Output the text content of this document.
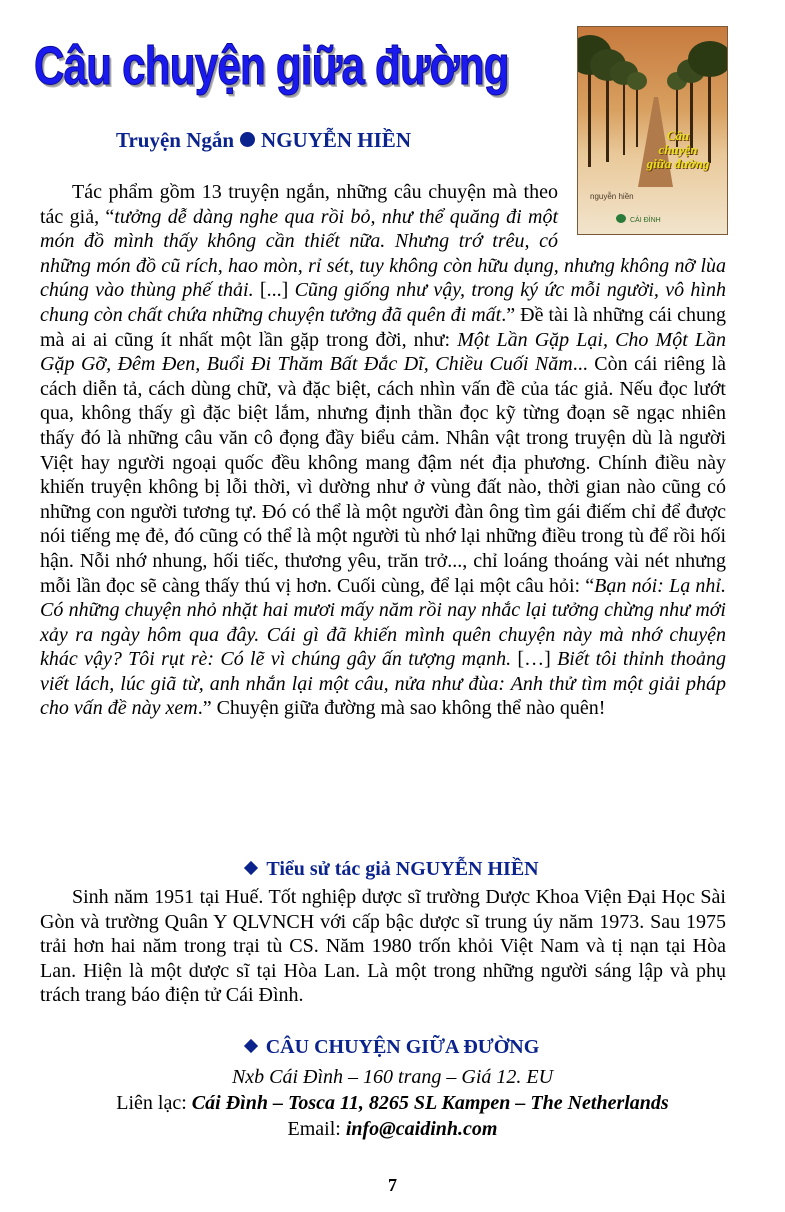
Câu chuyện giữa đường
Truyện Ngắn NGUYỄN HIỀN	Câu
chuyện
giữa đường
nguyễn hiền
CÁI ĐÌNH

Tác phẩm gồm 13 truyện ngắn, những câu chuyện mà theo tác giả, “tưởng dễ dàng nghe qua rồi bỏ, như thể quăng đi một món đồ mình thấy không cần thiết nữa. Nhưng trớ trêu, có những món đồ cũ rích, hao mòn, rỉ sét, tuy không còn hữu dụng, nhưng không nỡ lùa chúng vào thùng phế thải. [...] Cũng giống như vậy, trong ký ức mỗi người, vô hình chung còn chất chứa những chuyện tưởng đã quên đi mất.” Đề tài là những cái chung mà ai ai cũng ít nhất một lần gặp trong đời, như: Một Lần Gặp Lại, Cho Một Lần Gặp Gỡ, Đêm Đen, Buổi Đi Thăm Bất Đắc Dĩ, Chiều Cuối Năm... Còn cái riêng là cách diễn tả, cách dùng chữ, và đặc biệt, cách nhìn vấn đề của tác giả. Nếu đọc lướt qua, không thấy gì đặc biệt lắm, nhưng định thần đọc kỹ từng đoạn sẽ ngạc nhiên thấy đó là những câu văn cô đọng đầy biểu cảm. Nhân vật trong truyện dù là người Việt hay người ngoại quốc đều không mang đậm nét địa phương. Chính điều này khiến truyện không bị lỗi thời, vì dường như ở vùng đất nào, thời gian nào cũng có những con người tương tự. Đó có thể là một người đàn ông tìm gái điếm chỉ để được nói tiếng mẹ đẻ, đó cũng có thể là một người tù nhớ lại những điều trong tù để rồi hối hận. Nỗi nhớ nhung, hối tiếc, thương yêu, trăn trở..., chỉ loáng thoáng vài nét nhưng mỗi lần đọc sẽ càng thấy thú vị hơn. Cuối cùng, để lại một câu hỏi: “Bạn nói: Lạ nhỉ. Có những chuyện nhỏ nhặt hai mươi mấy năm rồi nay nhắc lại tưởng chừng như mới xảy ra ngày hôm qua đây. Cái gì đã khiến mình quên chuyện này mà nhớ chuyện khác vậy? Tôi rụt rè: Có lẽ vì chúng gây ấn tượng mạnh. […] Biết tôi thỉnh thoảng viết lách, lúc giã từ, anh nhắn lại một câu, nửa như đùa: Anh thử tìm một giải pháp cho vấn đề này xem.” Chuyện giữa đường mà sao không thể nào quên!

Tiểu sử tác giả NGUYỄN HIỀN

Sinh năm 1951 tại Huế. Tốt nghiệp dược sĩ trường Dược Khoa Viện Đại Học Sài Gòn và trường Quân Y QLVNCH với cấp bậc dược sĩ trung úy năm 1973. Sau 1975 trải hơn hai năm trong trại tù CS. Năm 1980 trốn khỏi Việt Nam và tị nạn tại Hòa Lan. Hiện là một dược sĩ tại Hòa Lan. Là một trong những người sáng lập và phụ trách trang báo điện tử Cái Đình.

CÂU CHUYỆN GIỮA ĐƯỜNG
Nxb Cái Đình – 160 trang – Giá 12. EU
Liên lạc: Cái Đình – Tosca 11, 8265 SL Kampen – The Netherlands
Email: info@caidinh.com
7
